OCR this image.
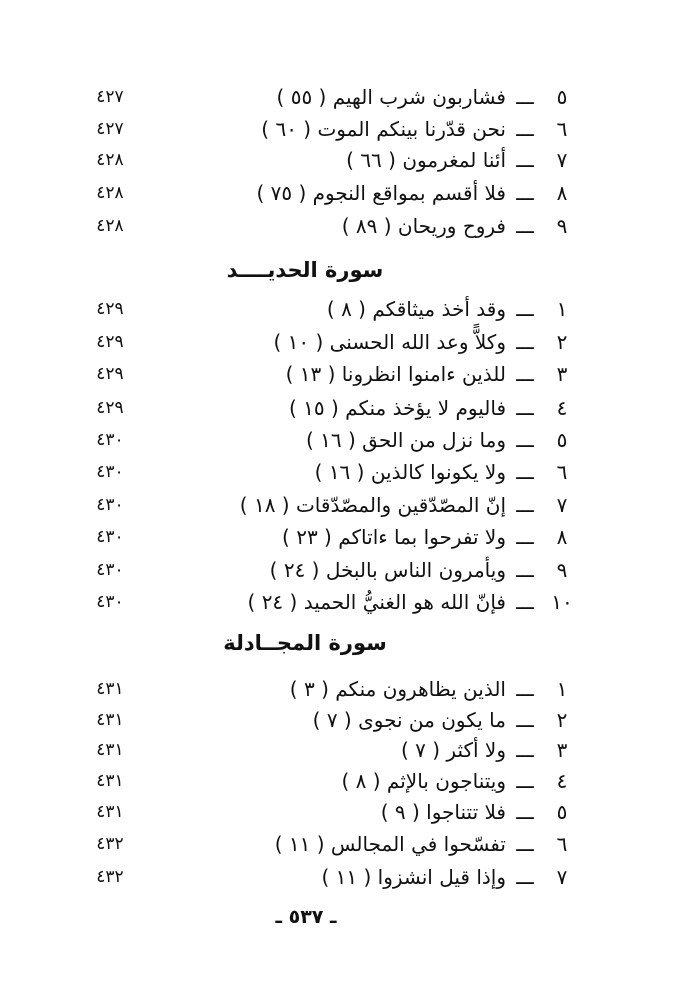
٥
ـــ
فشاربون شرب الهيم ( ٥٥ )
٤٢٧
٦
ـــ
نحن قدّرنا بينكم الموت ( ٦٠ )
٤٢٧
٧
ـــ
أئنا لمغرمون ( ٦٦ )
٤٢٨
٨
ـــ
فلا أقسم بمواقع النجوم ( ٧٥ )
٤٢٨
٩
ـــ
فروح وريحان ( ٨٩ )
٤٢٨
سورة الحديــــد
١
ـــ
وقد أخذ ميثاقكم ( ٨ )
٤٢٩
٢
ـــ
وكلاًّ وعد الله الحسنى ( ١٠ )
٤٢٩
٣
ـــ
للذين ءامنوا انظرونا ( ١٣ )
٤٢٩
٤
ـــ
فاليوم لا يؤخذ منكم ( ١٥ )
٤٢٩
٥
ـــ
وما نزل من الحق ( ١٦ )
٤٣٠
٦
ـــ
ولا يكونوا كالذين ( ١٦ )
٤٣٠
٧
ـــ
إنّ المصّدّقين والمصّدّقات ( ١٨ )
٤٣٠
٨
ـــ
ولا تفرحوا بما ءاتاكم ( ٢٣ )
٤٣٠
٩
ـــ
ويأمرون الناس بالبخل ( ٢٤ )
٤٣٠
١٠
ـــ
فإنّ الله هو الغنيُّ الحميد ( ٢٤ )
٤٣٠
سورة المجــادلة
١
ـــ
الذين يظاهرون منكم ( ٣ )
٤٣١
٢
ـــ
ما يكون من نجوى ( ٧ )
٤٣١
٣
ـــ
ولا أكثر ( ٧ )
٤٣١
٤
ـــ
ويتناجون بالإثم ( ٨ )
٤٣١
٥
ـــ
فلا تتناجوا ( ٩ )
٤٣١
٦
ـــ
تفسّحوا في المجالس ( ١١ )
٤٣٢
٧
ـــ
وإذا قيل انشزوا ( ١١ )
٤٣٢
ـ ٥٣٧ ـ
